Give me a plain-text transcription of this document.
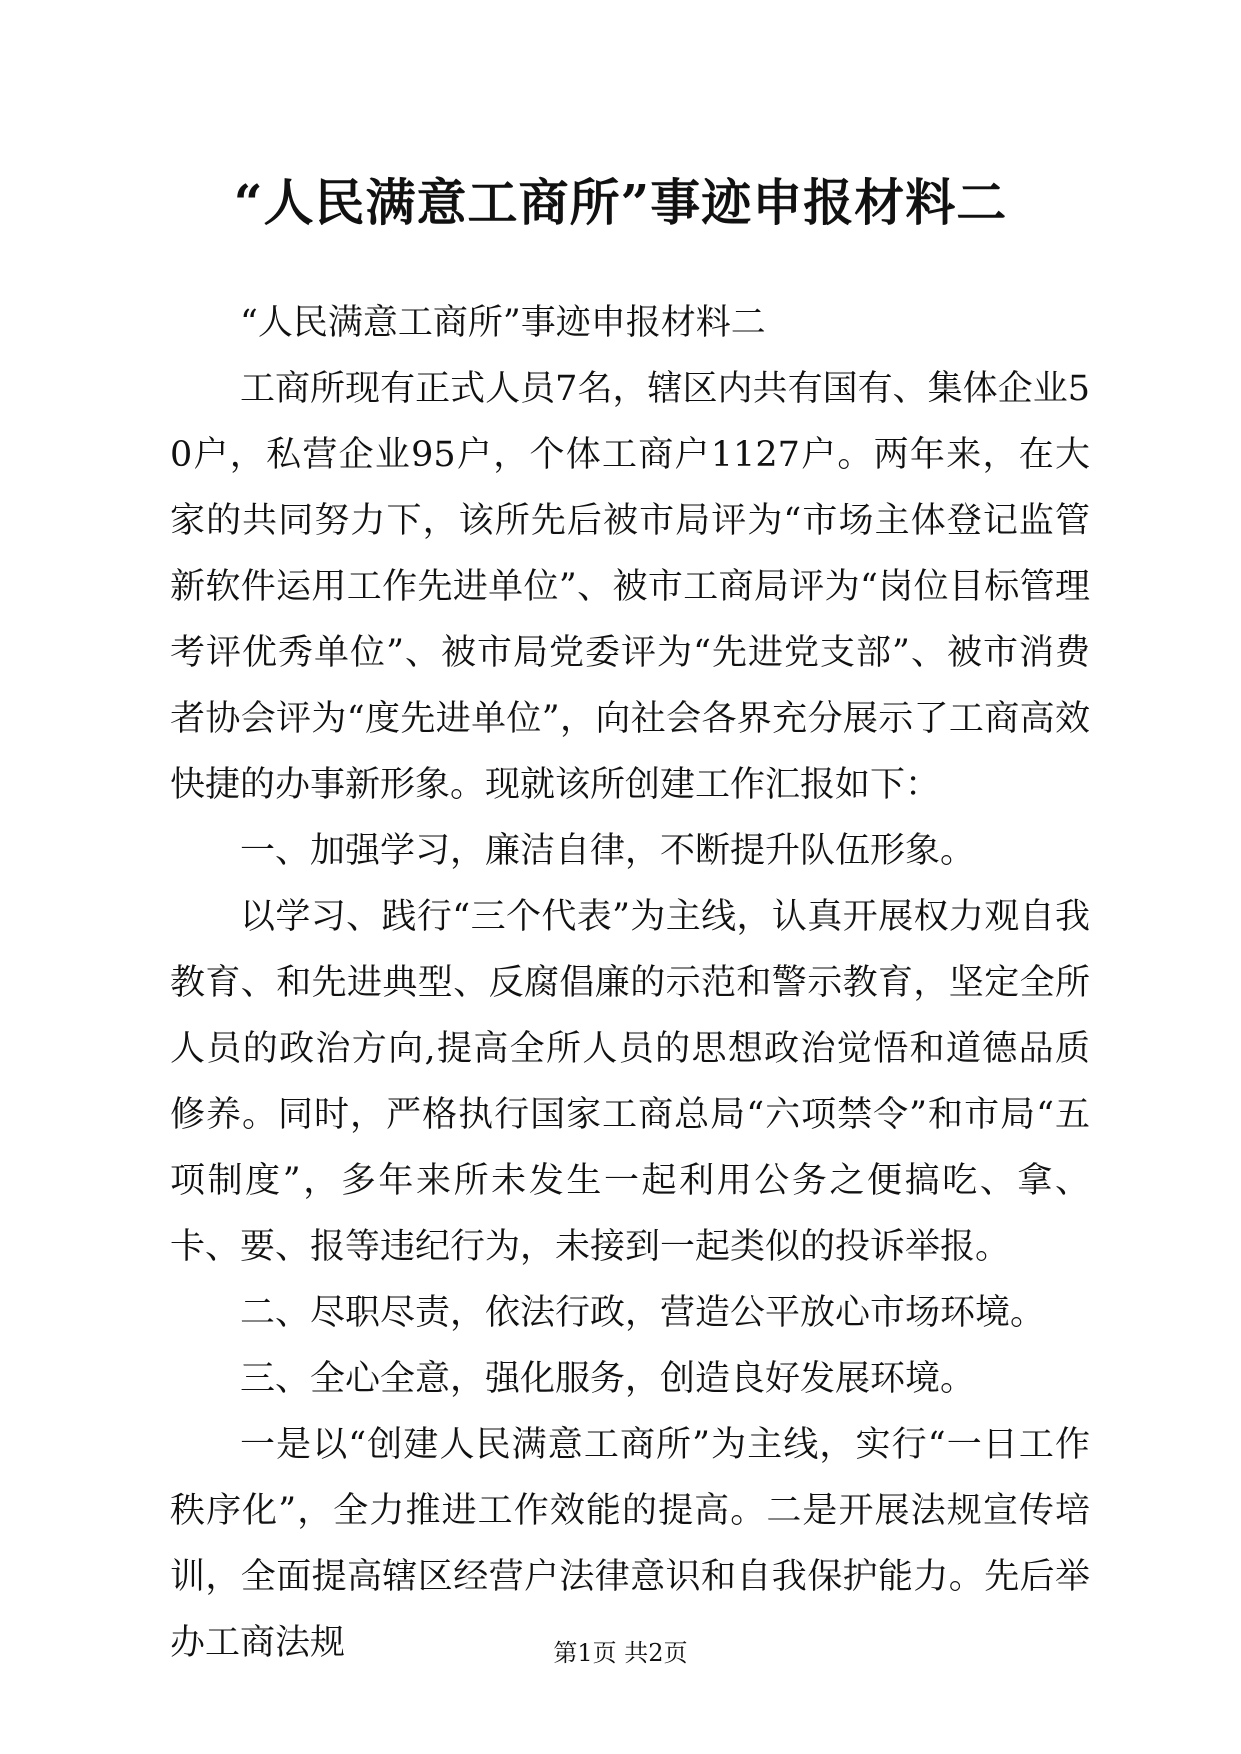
“人民满意工商所”事迹申报材料二

“人民满意工商所”事迹申报材料二

工商所现有正式人员7名，辖区内共有国有、集体企业50户，私营企业95户，个体工商户1127户。两年来，在大家的共同努力下，该所先后被市局评为“市场主体登记监管新软件运用工作先进单位”、被市工商局评为“岗位目标管理考评优秀单位”、被市局党委评为“先进党支部”、被市消费者协会评为“度先进单位”，向社会各界充分展示了工商高效快捷的办事新形象。现就该所创建工作汇报如下：

一、加强学习，廉洁自律，不断提升队伍形象。

以学习、践行“三个代表”为主线，认真开展权力观自我教育、和先进典型、反腐倡廉的示范和警示教育，坚定全所人员的政治方向,提高全所人员的思想政治觉悟和道德品质修养。同时，严格执行国家工商总局“六项禁令”和市局“五项制度”，多年来所未发生一起利用公务之便搞吃、拿、卡、要、报等违纪行为，未接到一起类似的投诉举报。

二、尽职尽责，依法行政，营造公平放心市场环境。

三、全心全意，强化服务，创造良好发展环境。

一是以“创建人民满意工商所”为主线，实行“一日工作秩序化”，全力推进工作效能的提高。二是开展法规宣传培训，全面提高辖区经营户法律意识和自我保护能力。先后举办工商法规	第1页 共2页
